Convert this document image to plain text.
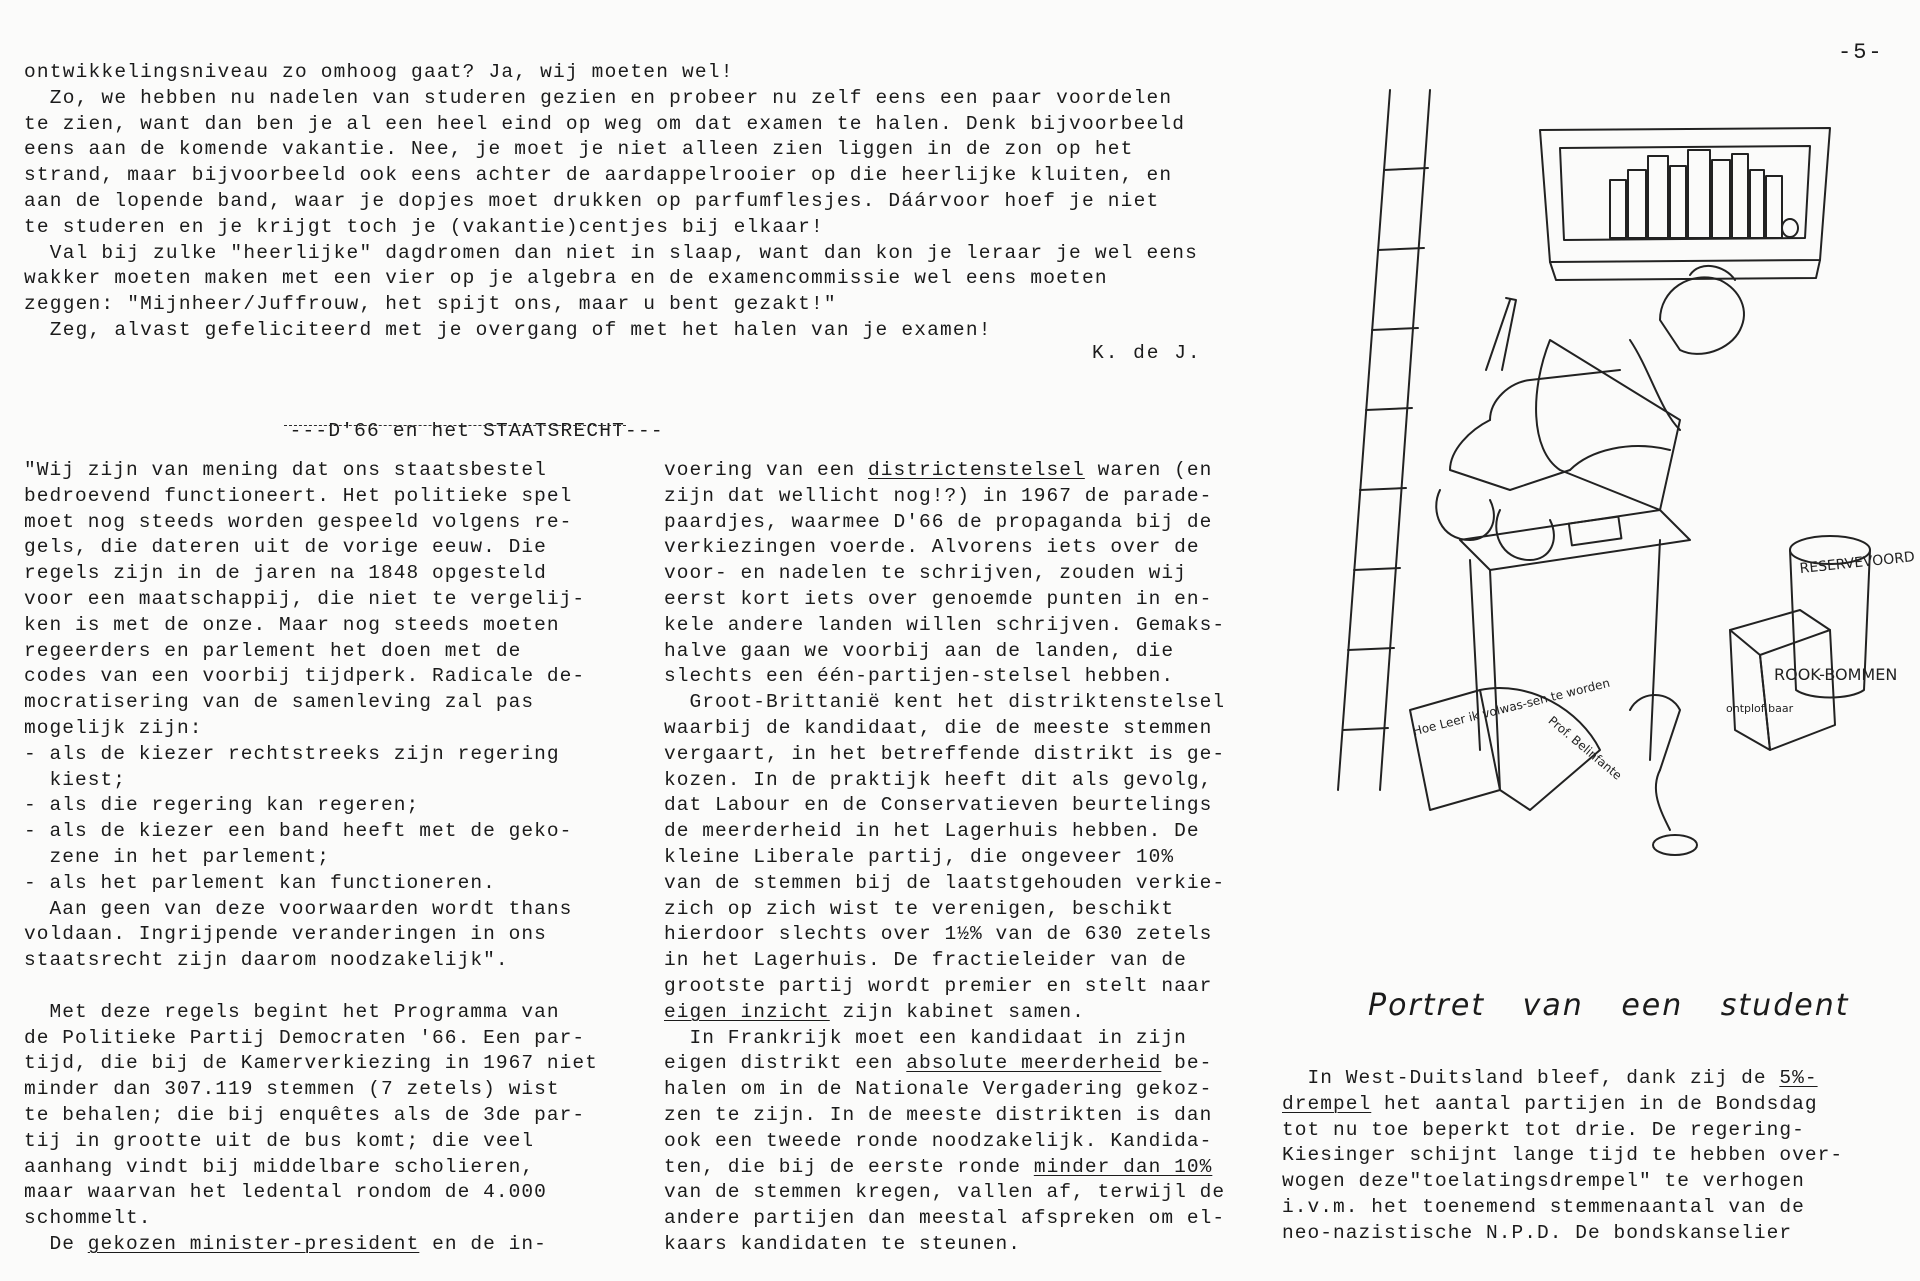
-5-
ontwikkelingsniveau zo omhoog gaat? Ja, wij moeten wel!
Zo, we hebben nu nadelen van studeren gezien en probeer nu zelf eens een paar voordelen
te zien, want dan ben je al een heel eind op weg om dat examen te halen. Denk bijvoorbeeld
eens aan de komende vakantie. Nee, je moet je niet alleen zien liggen in de zon op het
strand, maar bijvoorbeeld ook eens achter de aardappelrooier op die heerlijke kluiten, en
aan de lopende band, waar je dopjes moet drukken op parfumflesjes. Dáárvoor hoef je niet
te studeren en je krijgt toch je (vakantie)centjes bij elkaar!
Val bij zulke "heerlijke" dagdromen dan niet in slaap, want dan kon je leraar je wel eens
wakker moeten maken met een vier op je algebra en de examencommissie wel eens moeten
zeggen: "Mijnheer/Juffrouw, het spijt ons, maar u bent gezakt!"
Zeg, alvast gefeliciteerd met je overgang of met het halen van je examen!
K. de J.

---D'66 en het STAATSRECHT---

"Wij zijn van mening dat ons staatsbestel
bedroevend functioneert. Het politieke spel
moet nog steeds worden gespeeld volgens re-
gels, die dateren uit de vorige eeuw. Die
regels zijn in de jaren na 1848 opgesteld
voor een maatschappij, die niet te vergelij-
ken is met de onze. Maar nog steeds moeten
regeerders en parlement het doen met de
codes van een voorbij tijdperk. Radicale de-
mocratisering van de samenleving zal pas
mogelijk zijn:
- als de kiezer rechtstreeks zijn regering
kiest;
- als die regering kan regeren;
- als de kiezer een band heeft met de geko-
zene in het parlement;
- als het parlement kan functioneren.
Aan geen van deze voorwaarden wordt thans
voldaan. Ingrijpende veranderingen in ons
staatsrecht zijn daarom noodzakelijk".

Met deze regels begint het Programma van
de Politieke Partij Democraten '66. Een par-
tijd, die bij de Kamerverkiezing in 1967 niet
minder dan 307.119 stemmen (7 zetels) wist
te behalen; die bij enquêtes als de 3de par-
tij in grootte uit de bus komt; die veel
aanhang vindt bij middelbare scholieren,
maar waarvan het ledental rondom de 4.000
schommelt.
De gekozen minister-president en de in-
voering van een districtenstelsel waren (en
zijn dat wellicht nog!?) in 1967 de parade-
paardjes, waarmee D'66 de propaganda bij de
verkiezingen voerde. Alvorens iets over de
voor- en nadelen te schrijven, zouden wij
eerst kort iets over genoemde punten in en-
kele andere landen willen schrijven. Gemaks-
halve gaan we voorbij aan de landen, die
slechts een één-partijen-stelsel hebben.
Groot-Brittanië kent het distriktenstelsel
waarbij de kandidaat, die de meeste stemmen
vergaart, in het betreffende distrikt is ge-
kozen. In de praktijk heeft dit als gevolg,
dat Labour en de Conservatieven beurtelings
de meerderheid in het Lagerhuis hebben. De
kleine Liberale partij, die ongeveer 10%
van de stemmen bij de laatstgehouden verkie-
zich op zich wist te verenigen, beschikt
hierdoor slechts over 1½% van de 630 zetels
in het Lagerhuis. De fractieleider van de
grootste partij wordt premier en stelt naar
eigen inzicht zijn kabinet samen.
In Frankrijk moet een kandidaat in zijn
eigen distrikt een absolute meerderheid be-
halen om in de Nationale Vergadering gekoz-
zen te zijn. In de meeste distrikten is dan
ook een tweede ronde noodzakelijk. Kandida-
ten, die bij de eerste ronde minder dan 10%
van de stemmen kregen, vallen af, terwijl de
andere partijen dan meestal afspreken om el-
kaars kandidaten te steunen.
In West-Duitsland bleef, dank zij de 5%-
drempel het aantal partijen in de Bondsdag
tot nu toe beperkt tot drie. De regering-
Kiesinger schijnt lange tijd te hebben over-
wogen deze"toelatingsdrempel" te verhogen
i.v.m. het toenemend stemmenaantal van de
neo-nazistische N.P.D. De bondskanselier
RESERVEVOORD
ROOK-BOMMEN
ontplof baar
Hoe Leer ik volwas-sen te worden
Prof. Belinfante
Portret van een student
